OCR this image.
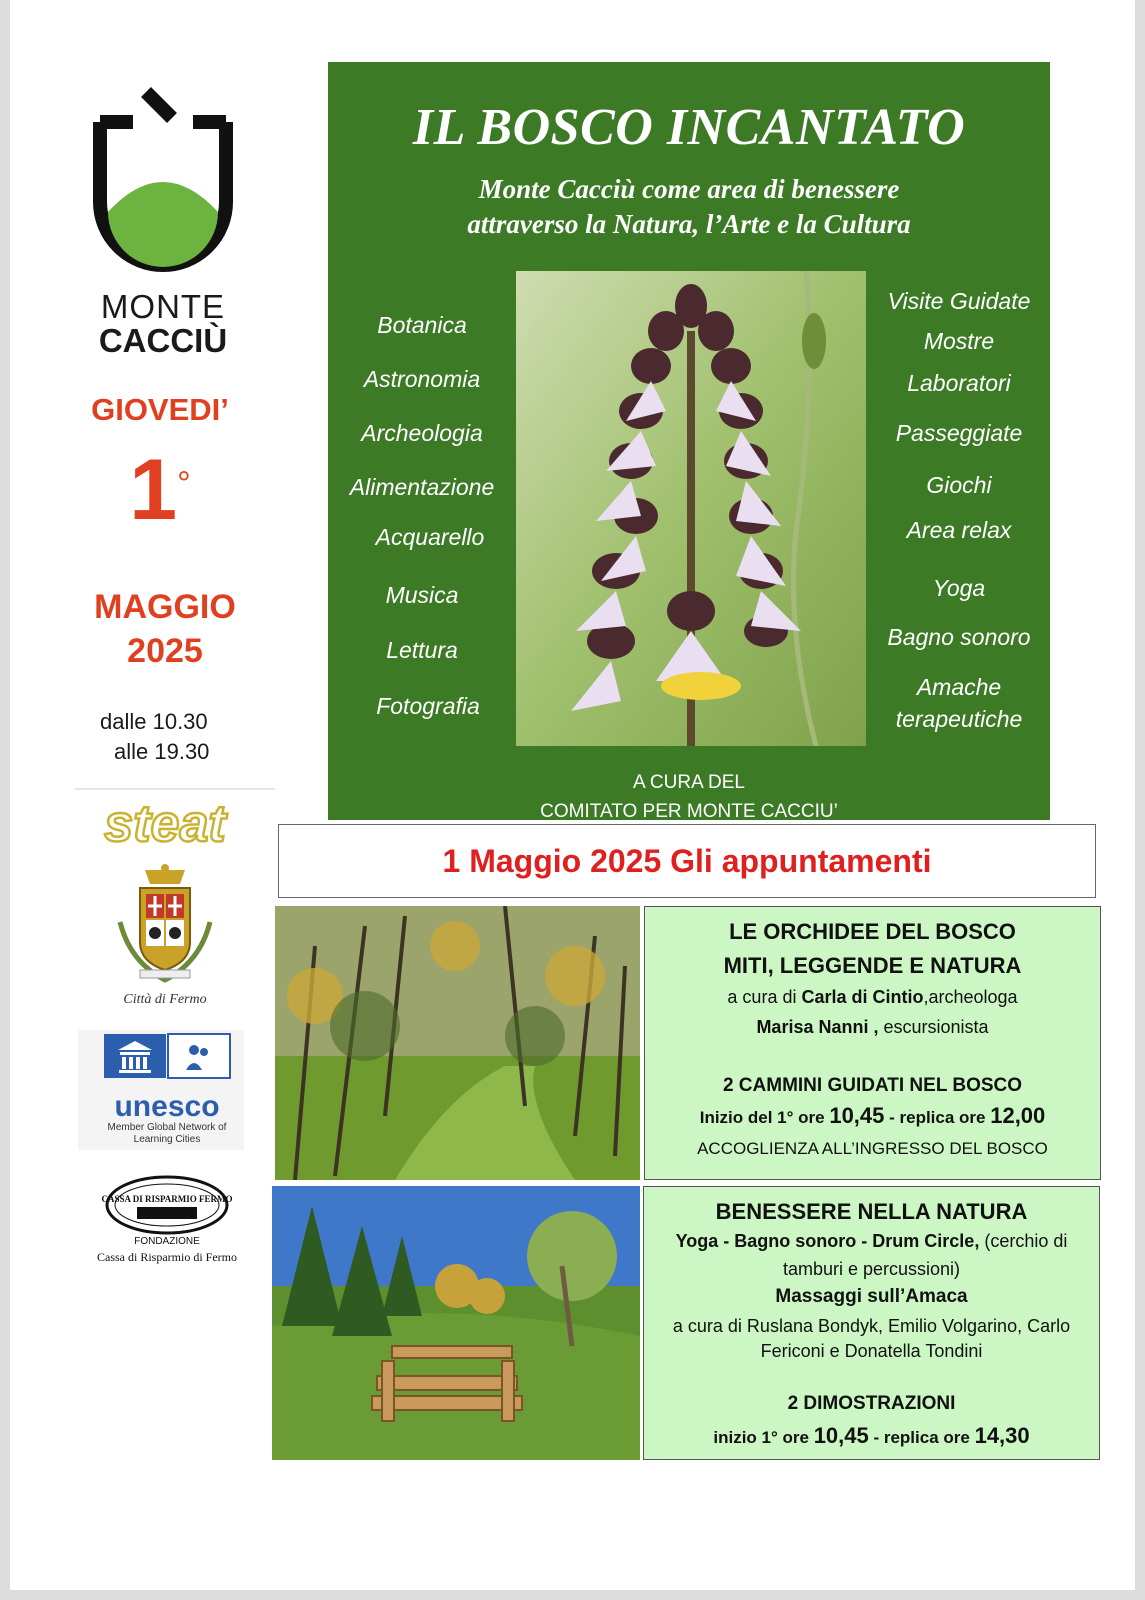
MONTE
CACCIÙ
GIOVEDI’
1°
MAGGIO
2025
dalle 10.30
alle 19.30
steat
Città di Fermo
unesco
Member Global Network of
Learning Cities
CASSA DI RISPARMIO FERMO
FONDAZIONE
Cassa di Risparmio di Fermo
IL BOSCO INCANTATO
Monte Cacciù come area di benessere
attraverso la Natura, l’Arte e la Cultura
Botanica
Astronomia
Archeologia
Alimentazione
Acquarello
Musica
Lettura
Fotografia
Visite Guidate
Mostre
Laboratori
Passeggiate
Giochi
Area relax
Yoga
Bagno sonoro
Amache
terapeutiche
A CURA DEL
COMITATO PER MONTE CACCIU’
1 Maggio 2025 Gli appuntamenti
LE ORCHIDEE DEL BOSCO
MITI, LEGGENDE E NATURA
a cura di Carla di Cintio,archeologa
Marisa Nanni , escursionista
2 CAMMINI GUIDATI NEL BOSCO
Inizio del 1° ore 10,45 - replica ore 12,00
ACCOGLIENZA ALL’INGRESSO DEL BOSCO
BENESSERE NELLA NATURA
Yoga - Bagno sonoro - Drum Circle, (cerchio di
tamburi e percussioni)
Massaggi sull’Amaca
a cura di Ruslana Bondyk, Emilio Volgarino, Carlo
Fericoni e Donatella Tondini
2 DIMOSTRAZIONI
inizio 1° ore 10,45 - replica ore 14,30
